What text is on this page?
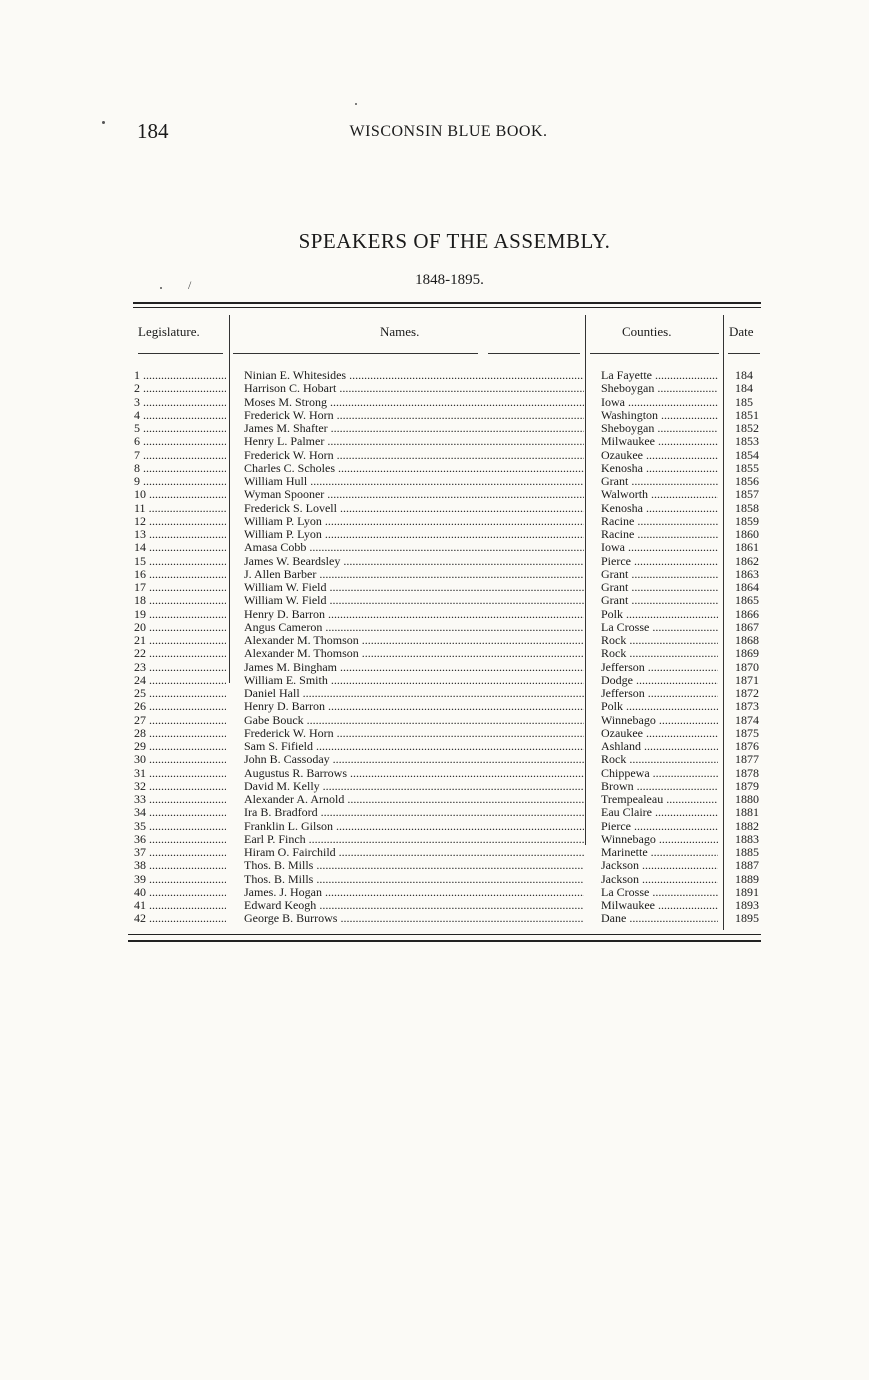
184	WISCONSIN BLUE BOOK.
SPEAKERS OF THE ASSEMBLY.
1848-1895.
/
Legislature.	Names.	Counties.	Date
1 .....	Ninian E. Whitesides .....	La Fayette .....	184
2 .....	Harrison C. Hobart .....	Sheboygan .....	184
3 .....	Moses M. Strong .....	Iowa .....	185
4 .....	Frederick W. Horn .....	Washington .....	1851
5 .....	James M. Shafter .....	Sheboygan .....	1852
6 .....	Henry L. Palmer .....	Milwaukee .....	1853
7 .....	Frederick W. Horn .....	Ozaukee .....	1854
8 .....	Charles C. Scholes .....	Kenosha .....	1855
9 .....	William Hull .....	Grant .....	1856
10 .....	Wyman Spooner .....	Walworth .....	1857
11 .....	Frederick S. Lovell .....	Kenosha .....	1858
12 .....	William P. Lyon .....	Racine .....	1859
13 .....	William P. Lyon .....	Racine .....	1860
14 .....	Amasa Cobb .....	Iowa .....	1861
15 .....	James W. Beardsley .....	Pierce .....	1862
16 .....	J. Allen Barber .....	Grant .....	1863
17 .....	William W. Field .....	Grant .....	1864
18 .....	William W. Field .....	Grant .....	1865
19 .....	Henry D. Barron .....	Polk .....	1866
20 .....	Angus Cameron .....	La Crosse .....	1867
21 .....	Alexander M. Thomson .....	Rock .....	1868
22 .....	Alexander M. Thomson .....	Rock .....	1869
23 .....	James M. Bingham .....	Jefferson .....	1870
24 .....	William E. Smith .....	Dodge .....	1871
25 .....	Daniel Hall .....	Jefferson .....	1872
26 .....	Henry D. Barron .....	Polk .....	1873
27 .....	Gabe Bouck .....	Winnebago .....	1874
28 .....	Frederick W. Horn .....	Ozaukee .....	1875
29 .....	Sam S. Fifield .....	Ashland .....	1876
30 .....	John B. Cassoday .....	Rock .....	1877
31 .....	Augustus R. Barrows .....	Chippewa .....	1878
32 .....	David M. Kelly .....	Brown .....	1879
33 .....	Alexander A. Arnold .....	Trempealeau .....	1880
34 .....	Ira B. Bradford .....	Eau Claire .....	1881
35 .....	Franklin L. Gilson .....	Pierce .....	1882
36 .....	Earl P. Finch .....	Winnebago .....	1883
37 .....	Hiram O. Fairchild .....	Marinette .....	1885
38 .....	Thos. B. Mills .....	Jackson .....	1887
39 .....	Thos. B. Mills .....	Jackson .....	1889
40 .....	James. J. Hogan .....	La Crosse .....	1891
41 .....	Edward Keogh .....	Milwaukee .....	1893
42 .....	George B. Burrows .....	Dane .....	1895
